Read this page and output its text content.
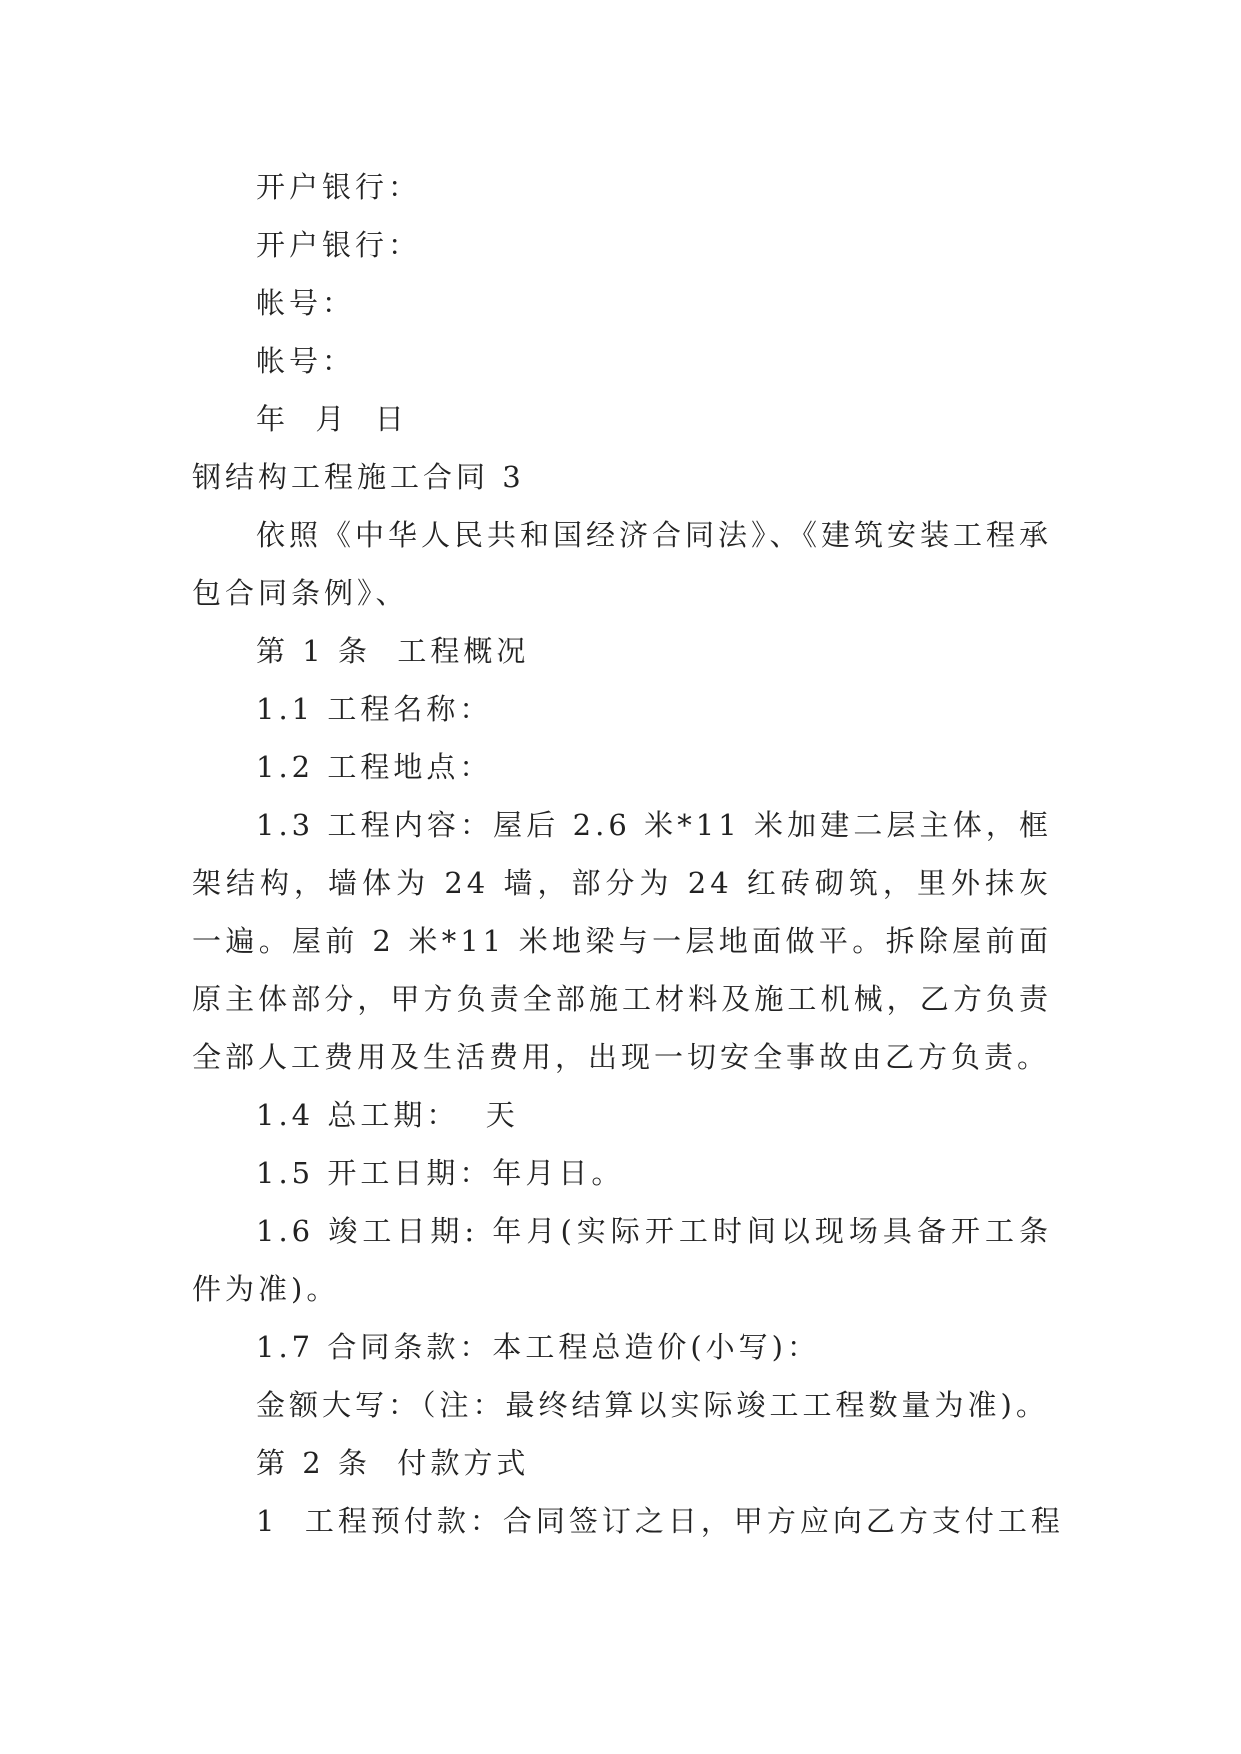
开户银行：
开户银行：
帐号：
帐号：
年  月  日
钢结构工程施工合同 3
依照《中华人民共和国经济合同法》、《建筑安装工程承包合同条例》、
第 1 条  工程概况
1.1 工程名称：
1.2 工程地点：
1.3 工程内容：屋后 2.6 米*11 米加建二层主体，框架结构，墙体为 24 墙，部分为 24 红砖砌筑，里外抹灰一遍。屋前 2 米*11 米地梁与一层地面做平。拆除屋前面原主体部分，甲方负责全部施工材料及施工机械，乙方负责全部人工费用及生活费用，出现一切安全事故由乙方负责。
1.4 总工期：  天
1.5 开工日期：年月日。
1.6 竣工日期: 年月(实际开工时间以现场具备开工条件为准)。
1.7 合同条款：本工程总造价(小写)：
金额大写：（注：最终结算以实际竣工工程数量为准)。
第 2 条  付款方式
1  工程预付款：合同签订之日，甲方应向乙方支付工程
